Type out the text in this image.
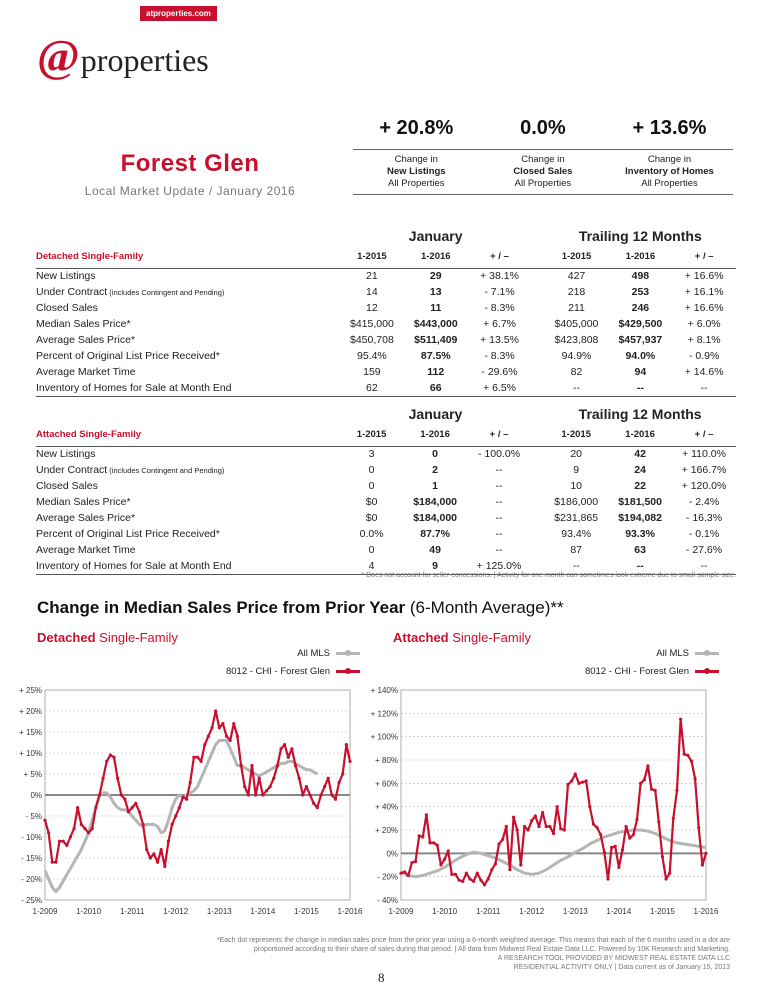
atproperties.com
@ properties
Forest Glen
Local Market Update / January 2016
+ 20.8%
Change in
New Listings
All Properties
0.0%
Change in
Closed Sales
All Properties
+ 13.6%
Change in
Inventory of Homes
All Properties
	January				Trailing 12 Months		
Detached Single-Family	1-2015	1-2016	+ / –		1-2015	1-2016	+ / –
New Listings	21	29	+ 38.1%		427	498	+ 16.6%
Under Contract (includes Contingent and Pending)	14	13	- 7.1%		218	253	+ 16.1%
Closed Sales	12	11	- 8.3%		211	246	+ 16.6%
Median Sales Price*	$415,000	$443,000	+ 6.7%		$405,000	$429,500	+ 6.0%
Average Sales Price*	$450,708	$511,409	+ 13.5%		$423,808	$457,937	+ 8.1%
Percent of Original List Price Received*	95.4%	87.5%	- 8.3%		94.9%	94.0%	- 0.9%
Average Market Time	159	112	- 29.6%		82	94	+ 14.6%
Inventory of Homes for Sale at Month End	62	66	+ 6.5%		--	--	--
	January				Trailing 12 Months		
Attached Single-Family	1-2015	1-2016	+ / –		1-2015	1-2016	+ / –
New Listings	3	0	- 100.0%		20	42	+ 110.0%
Under Contract (includes Contingent and Pending)	0	2	--		9	24	+ 166.7%
Closed Sales	0	1	--		10	22	+ 120.0%
Median Sales Price*	$0	$184,000	--		$186,000	$181,500	- 2.4%
Average Sales Price*	$0	$184,000	--		$231,865	$194,082	- 16.3%
Percent of Original List Price Received*	0.0%	87.7%	--		93.4%	93.3%	- 0.1%
Average Market Time	0	49	--		87	63	- 27.6%
Inventory of Homes for Sale at Month End	4	9	+ 125.0%		--	--	--
* Does not account for seller concessions. | Activity for one month can sometimes look extreme due to small sample size.
Change in Median Sales Price from Prior Year (6-Month Average)**
Detached Single-Family	Attached Single-Family
All MLS
8012 - CHI - Forest Glen
All MLS
8012 - CHI - Forest Glen
+ 25%
+ 20%
+ 15%
+ 10%
+ 5%
0%
- 5%
- 10%
- 15%
- 20%
- 25%
1-2009 1-2010 1-2011 1-2012 1-2013 1-2014 1-2015 1-2016
+ 140%
+ 120%
+ 100%
+ 80%
+ 60%
+ 40%
+ 20%
0%
- 20%
- 40%
1-2009 1-2010 1-2011 1-2012 1-2013 1-2014 1-2015 1-2016
*Each dot represents the change in median sales price from the prior year using a 6-month weighted average. This means that each of the 6 months used in a dot are
proportioned according to their share of sales during that period. | All data from Midwest Real Estate Data LLC. Powered by 10K Research and Marketing.
A RESEARCH TOOL PROVIDED BY MIDWEST REAL ESTATE DATA LLC
RESIDENTIAL ACTIVITY ONLY | Data current as of January 15, 2013
8
